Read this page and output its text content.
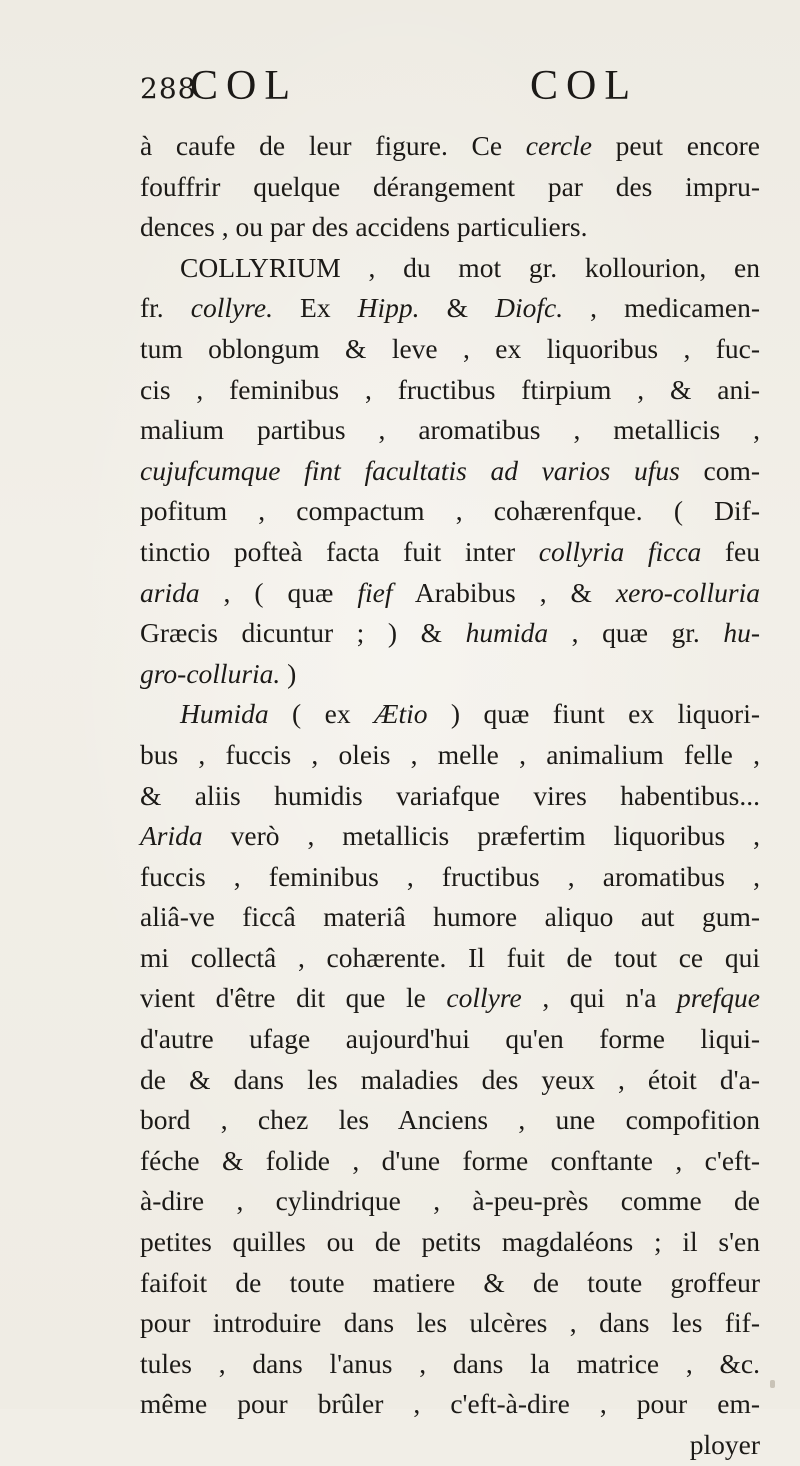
288
COL	COL
à caufe de leur figure. Ce cercle peut encore
fouffrir quelque dérangement par des impru-
dences , ou par des accidens particuliers.
COLLYRIUM , du mot gr. kollourion, en
fr. collyre. Ex Hipp. & Diofc. , medicamen-
tum oblongum & leve , ex liquoribus , fuc-
cis , feminibus , fructibus ftirpium , & ani-
malium partibus , aromatibus , metallicis ,
cujufcumque fint facultatis ad varios ufus com-
pofitum , compactum , cohærenfque. ( Dif-
tinctio pofteà facta fuit inter collyria ficca feu
arida , ( quæ fief Arabibus , & xero-colluria
Græcis dicuntur ; ) & humida , quæ gr. hu-
gro-colluria. )
Humida ( ex Ætio ) quæ fiunt ex liquori-
bus , fuccis , oleis , melle , animalium felle ,
& aliis humidis variafque vires habentibus...
Arida verò , metallicis præfertim liquoribus ,
fuccis , feminibus , fructibus , aromatibus ,
aliâ-ve ficcâ materiâ humore aliquo aut gum-
mi collectâ , cohærente. Il fuit de tout ce qui
vient d'être dit que le collyre , qui n'a prefque
d'autre ufage aujourd'hui qu'en forme liqui-
de & dans les maladies des yeux , étoit d'a-
bord , chez les Anciens , une compofition
féche & folide , d'une forme conftante , c'eft-
à-dire , cylindrique , à-peu-près comme de
petites quilles ou de petits magdaléons ; il s'en
faifoit de toute matiere & de toute groffeur
pour introduire dans les ulcères , dans les fif-
tules , dans l'anus , dans la matrice , &c.
même pour brûler , c'eft-à-dire , pour em-
ployer
